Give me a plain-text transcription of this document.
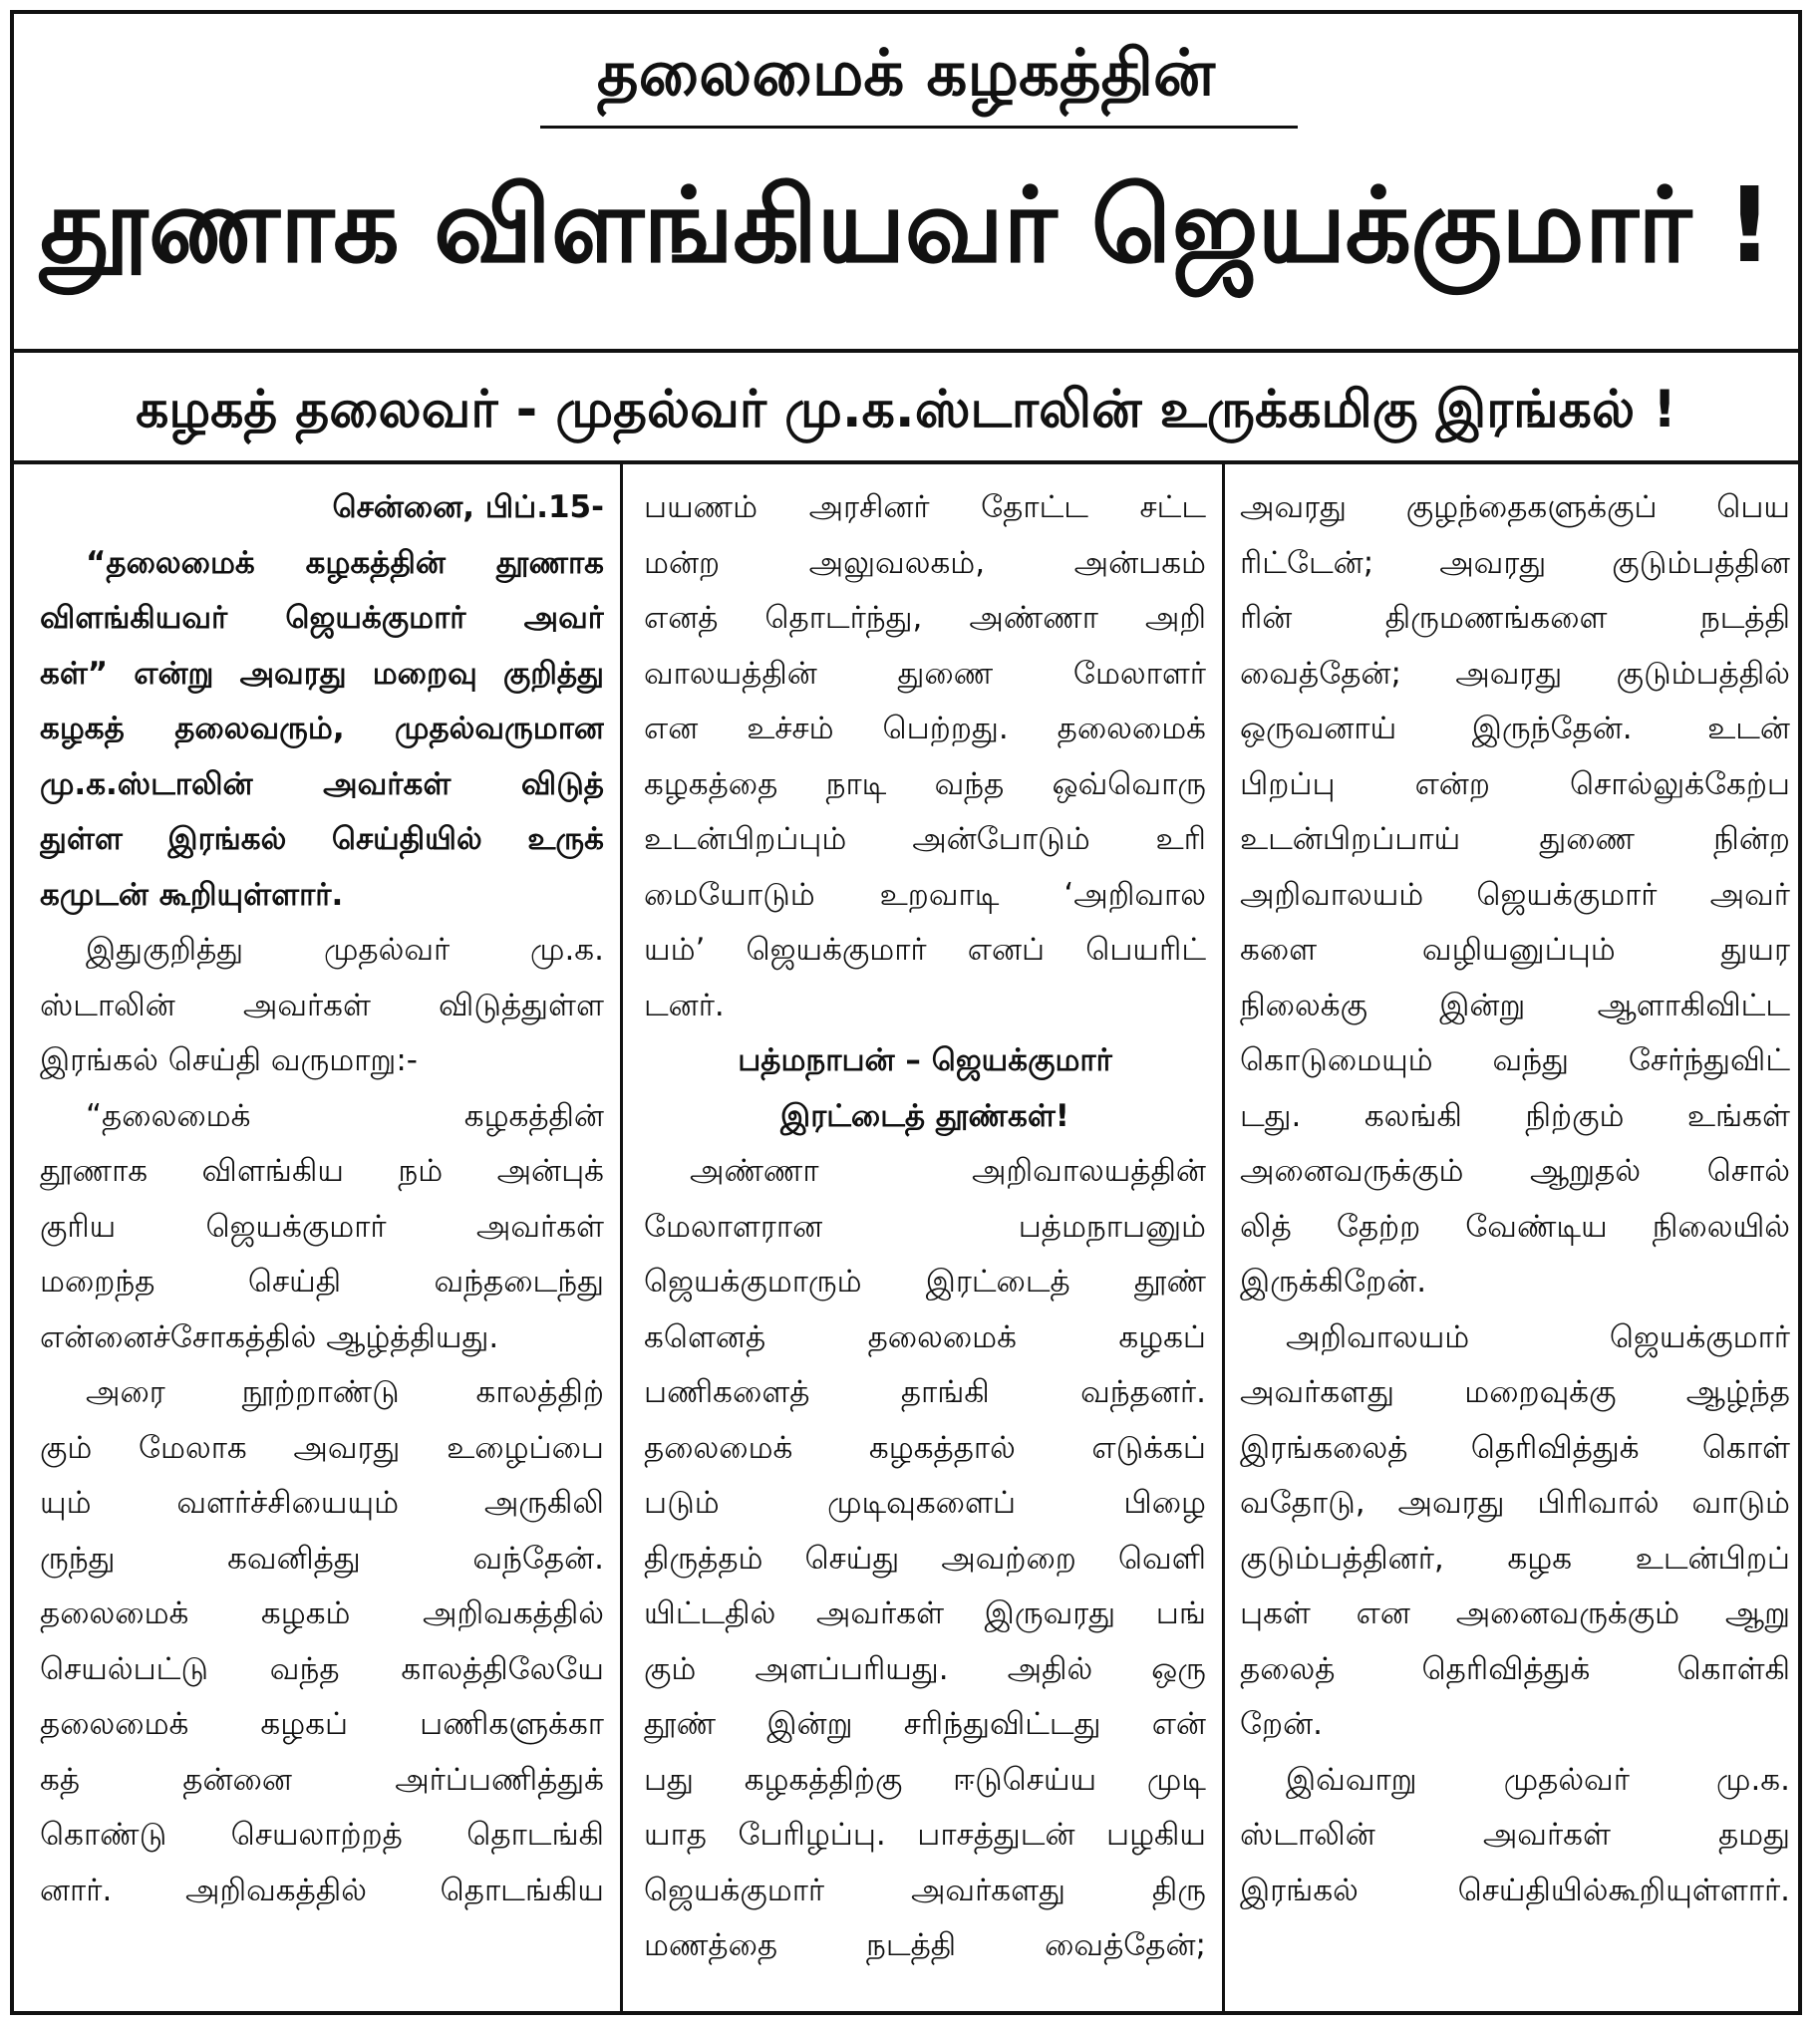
தலைமைக் கழகத்தின்
தூணாக விளங்கியவர் ஜெயக்குமார் !
கழகத் தலைவர் - முதல்வர் மு.க.ஸ்டாலின் உருக்கமிகு இரங்கல் !

சென்னை, பிப்.15-

“தலைமைக் கழகத்தின் தூணாக
விளங்கியவர் ஜெயக்குமார் அவர்
கள்” என்று அவரது மறைவு குறித்து
கழகத் தலைவரும், முதல்வருமான
மு.க.ஸ்டாலின் அவர்கள் விடுத்
துள்ள இரங்கல் செய்தியில் உருக்
கமுடன் கூறியுள்ளார்.

இதுகுறித்து முதல்வர் மு.க.
ஸ்டாலின் அவர்கள் விடுத்துள்ள
இரங்கல் செய்தி வருமாறு:-

“தலைமைக் கழகத்தின்
தூணாக விளங்கிய நம் அன்புக்
குரிய ஜெயக்குமார் அவர்கள்
மறைந்த செய்தி வந்தடைந்து
என்னைச்சோகத்தில் ஆழ்த்தியது.

அரை நூற்றாண்டு காலத்திற்
கும் மேலாக அவரது உழைப்பை
யும் வளர்ச்சியையும் அருகிலி
ருந்து கவனித்து வந்தேன்.
தலைமைக் கழகம் அறிவகத்தில்
செயல்பட்டு வந்த காலத்திலேயே
தலைமைக் கழகப் பணிகளுக்கா
கத் தன்னை அர்ப்பணித்துக்
கொண்டு செயலாற்றத் தொடங்கி
னார். அறிவகத்தில் தொடங்கிய

பயணம் அரசினர் தோட்ட சட்ட
மன்ற அலுவலகம், அன்பகம்
எனத் தொடர்ந்து, அண்ணா அறி
வாலயத்தின் துணை மேலாளர்
என உச்சம் பெற்றது. தலைமைக்
கழகத்தை நாடி வந்த ஒவ்வொரு
உடன்பிறப்பும் அன்போடும் உரி
மையோடும் உறவாடி ‘அறிவால
யம்’ ஜெயக்குமார் எனப் பெயரிட்
டனர்.

பத்மநாபன் – ஜெயக்குமார்
இரட்டைத் தூண்கள்!

அண்ணா அறிவாலயத்தின்
மேலாளரான பத்மநாபனும்
ஜெயக்குமாரும் இரட்டைத் தூண்
களெனத் தலைமைக் கழகப்
பணிகளைத் தாங்கி வந்தனர்.
தலைமைக் கழகத்தால் எடுக்கப்
படும் முடிவுகளைப் பிழை
திருத்தம் செய்து அவற்றை வெளி
யிட்டதில் அவர்கள் இருவரது பங்
கும் அளப்பரியது. அதில் ஒரு
தூண் இன்று சரிந்துவிட்டது என்
பது கழகத்திற்கு ஈடுசெய்ய முடி
யாத பேரிழப்பு. பாசத்துடன் பழகிய
ஜெயக்குமார் அவர்களது திரு
மணத்தை நடத்தி வைத்தேன்;

அவரது குழந்தைகளுக்குப் பெய
ரிட்டேன்; அவரது குடும்பத்தின
ரின் திருமணங்களை நடத்தி
வைத்தேன்; அவரது குடும்பத்தில்
ஒருவனாய் இருந்தேன். உடன்
பிறப்பு என்ற சொல்லுக்கேற்ப
உடன்பிறப்பாய் துணை நின்ற
அறிவாலயம் ஜெயக்குமார் அவர்
களை வழியனுப்பும் துயர
நிலைக்கு இன்று ஆளாகிவிட்ட
கொடுமையும் வந்து சேர்ந்துவிட்
டது. கலங்கி நிற்கும் உங்கள்
அனைவருக்கும் ஆறுதல் சொல்
லித் தேற்ற வேண்டிய நிலையில்
இருக்கிறேன்.

அறிவாலயம் ஜெயக்குமார்
அவர்களது மறைவுக்கு ஆழ்ந்த
இரங்கலைத் தெரிவித்துக் கொள்
வதோடு, அவரது பிரிவால் வாடும்
குடும்பத்தினர், கழக உடன்பிறப்
புகள் என அனைவருக்கும் ஆறு
தலைத் தெரிவித்துக் கொள்கி
றேன்.

இவ்வாறு முதல்வர் மு.க.
ஸ்டாலின் அவர்கள் தமது
இரங்கல் செய்தியில்கூறியுள்ளார்.
